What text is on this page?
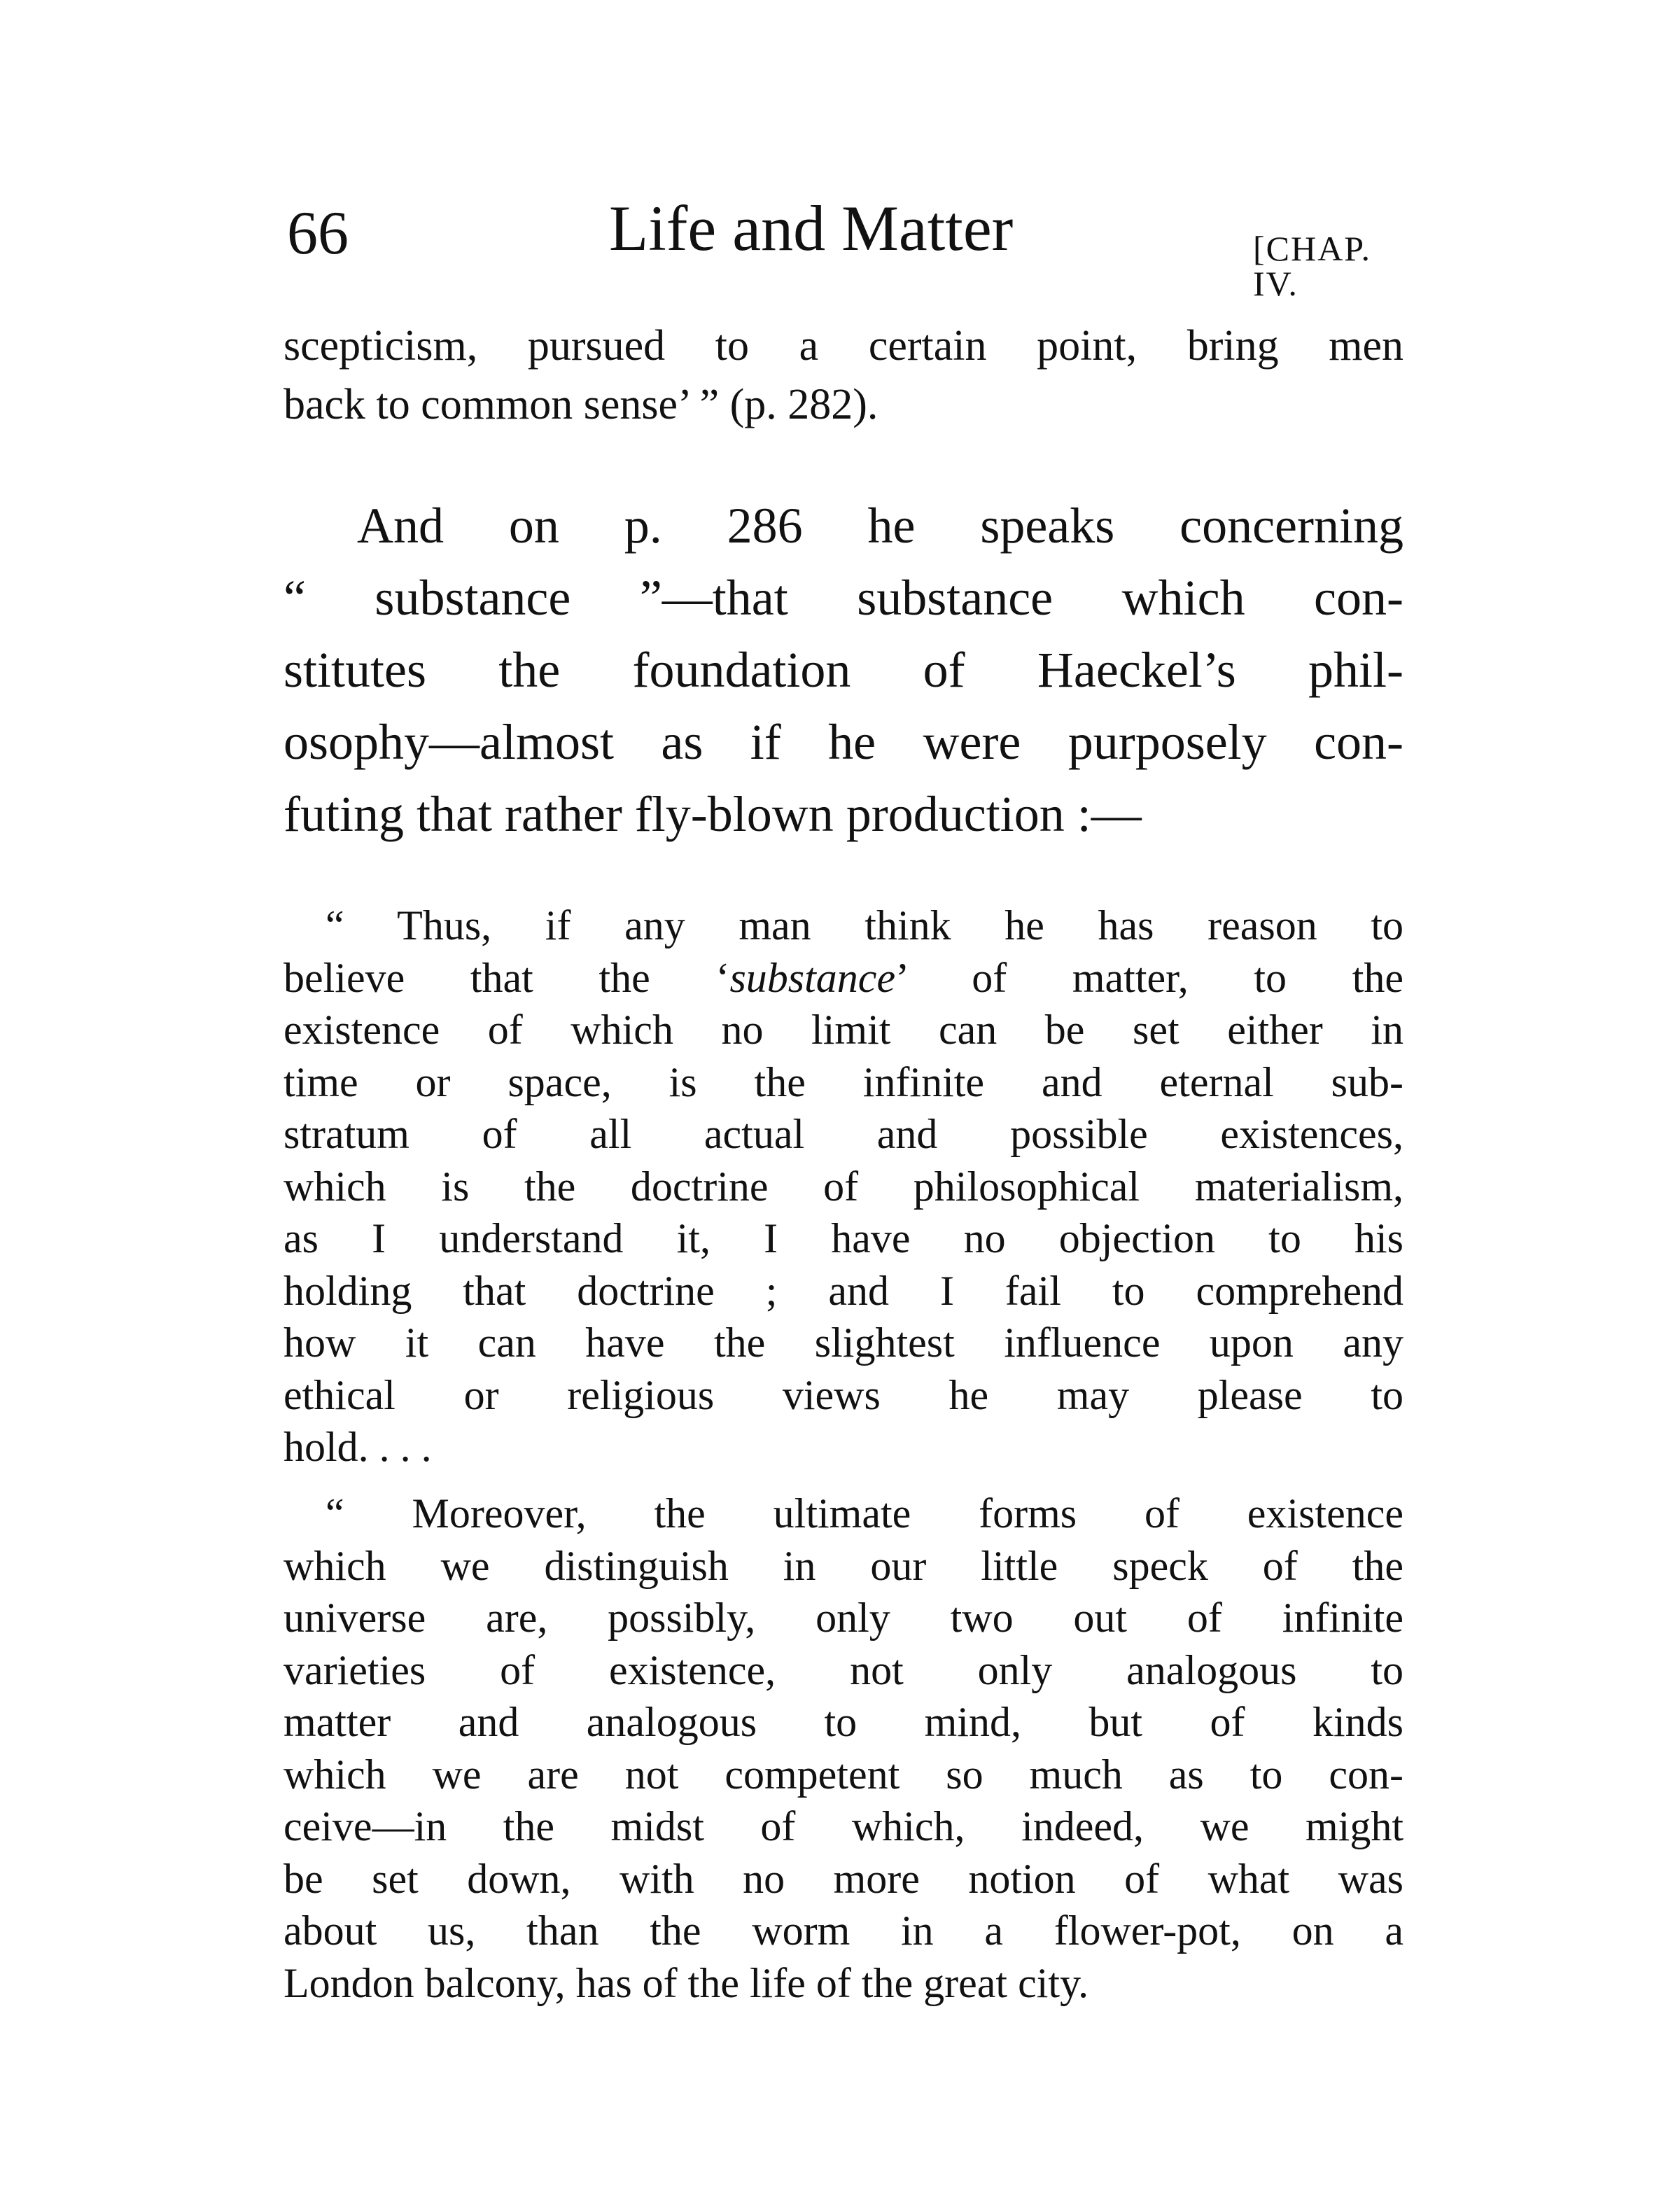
66	Life and Matter	[CHAP. IV.
scepticism, pursued to a certain point, bring men
back to common sense’ ” (p. 282).
And on p. 286 he speaks concerning
“ substance ”—that substance which con-
stitutes the foundation of Haeckel’s phil-
osophy—almost as if he were purposely con-
futing that rather fly-blown production :—
“ Thus, if any man think he has reason to
believe that the ‘substance’ of matter, to the
existence of which no limit can be set either in
time or space, is the infinite and eternal sub-
stratum of all actual and possible existences,
which is the doctrine of philosophical materialism,
as I understand it, I have no objection to his
holding that doctrine ; and I fail to comprehend
how it can have the slightest influence upon any
ethical or religious views he may please to
hold. . . .
“ Moreover, the ultimate forms of existence
which we distinguish in our little speck of the
universe are, possibly, only two out of infinite
varieties of existence, not only analogous to
matter and analogous to mind, but of kinds
which we are not competent so much as to con-
ceive—in the midst of which, indeed, we might
be set down, with no more notion of what was
about us, than the worm in a flower-pot, on a
London balcony, has of the life of the great city.
